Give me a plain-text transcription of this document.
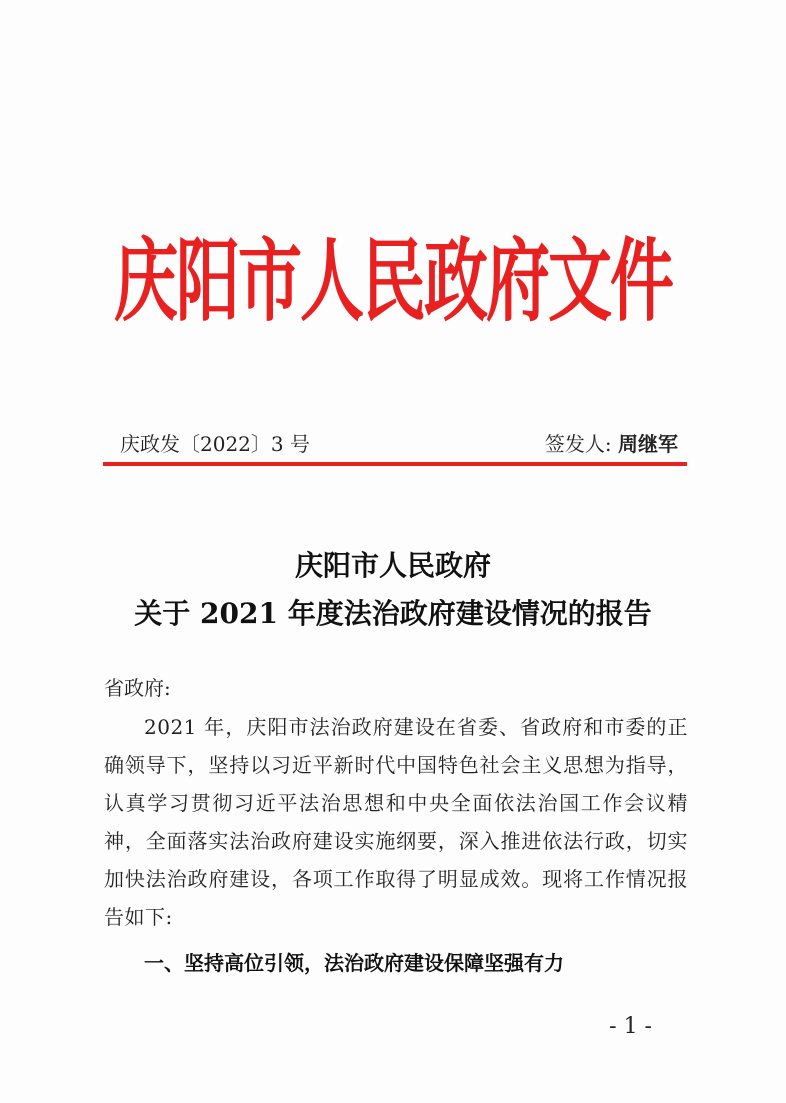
庆阳市人民政府文件
庆政发〔2022〕3 号	签发人: 周继军
庆阳市人民政府
关于 2021 年度法治政府建设情况的报告
省政府:

2021 年，庆阳市法治政府建设在省委、省政府和市委的正确领导下，坚持以习近平新时代中国特色社会主义思想为指导，认真学习贯彻习近平法治思想和中央全面依法治国工作会议精神，全面落实法治政府建设实施纲要，深入推进依法行政，切实加快法治政府建设，各项工作取得了明显成效。现将工作情况报告如下:

一、坚持高位引领，法治政府建设保障坚强有力
- 1 -
